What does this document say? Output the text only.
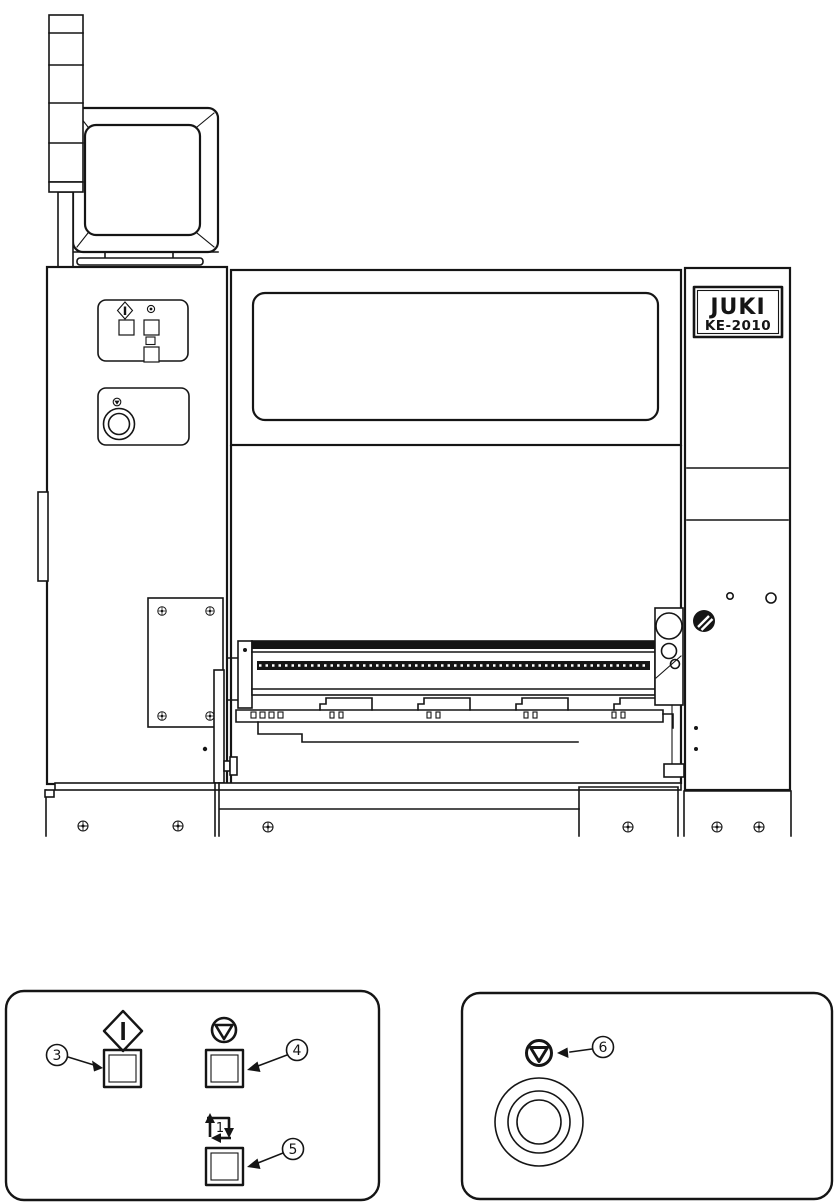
JUKI
KE-2010
3	4
1
5
6
